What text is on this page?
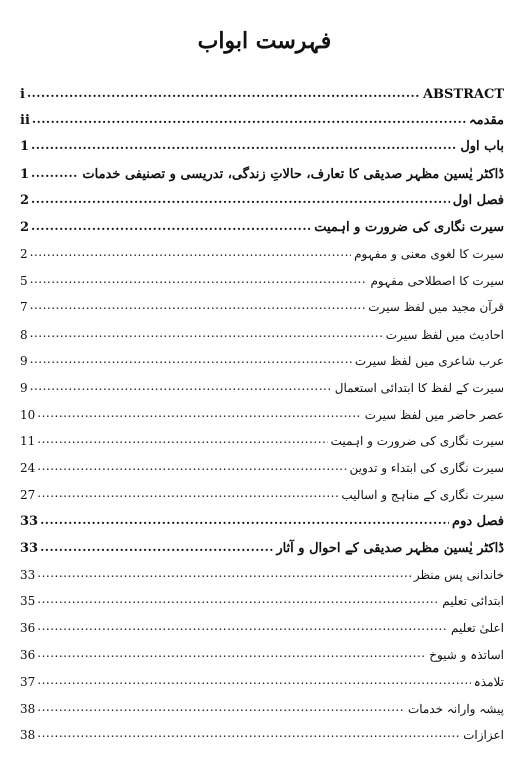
فہرست ابواب
i .....	ABSTRACT
ii .....	مقدمہ
1 .....	باب اول
1 .....	ڈاکٹر یٰسین مظہر صدیقی کا تعارف، حالاتِ زندگی، تدریسی و تصنیفی خدمات
2 .....	فصل اول
2 .....	سیرت نگاری کی ضرورت و اہمیت
2 .....	سیرت کا لغوی معنی و مفہوم
5 .....	سیرت کا اصطلاحی مفہوم
7 .....	قرآن مجید میں لفظ سیرت
8 .....	احادیث میں لفظ سیرت
9 .....	عرب شاعری میں لفظ سیرت
9 .....	سیرت کے لفظ کا ابتدائی استعمال
10 .....	عصر حاضر میں لفظ سیرت
11 .....	سیرت نگاری کی ضرورت و اہمیت
24 .....	سیرت نگاری کی ابتداء و تدوین
27 .....	سیرت نگاری کے مناہج و اسالیب
33 .....	فصل دوم
33 .....	ڈاکٹر یٰسین مظہر صدیقی کے احوال و آثار
33 .....	خاندانی پس منظر
35 .....	ابتدائی تعلیم
36 .....	اعلیٰ تعلیم
36 .....	اساتذہ و شیوخ
37 .....	تلامذہ
38 .....	پیشہ وارانہ خدمات
38 .....	اعزازات
